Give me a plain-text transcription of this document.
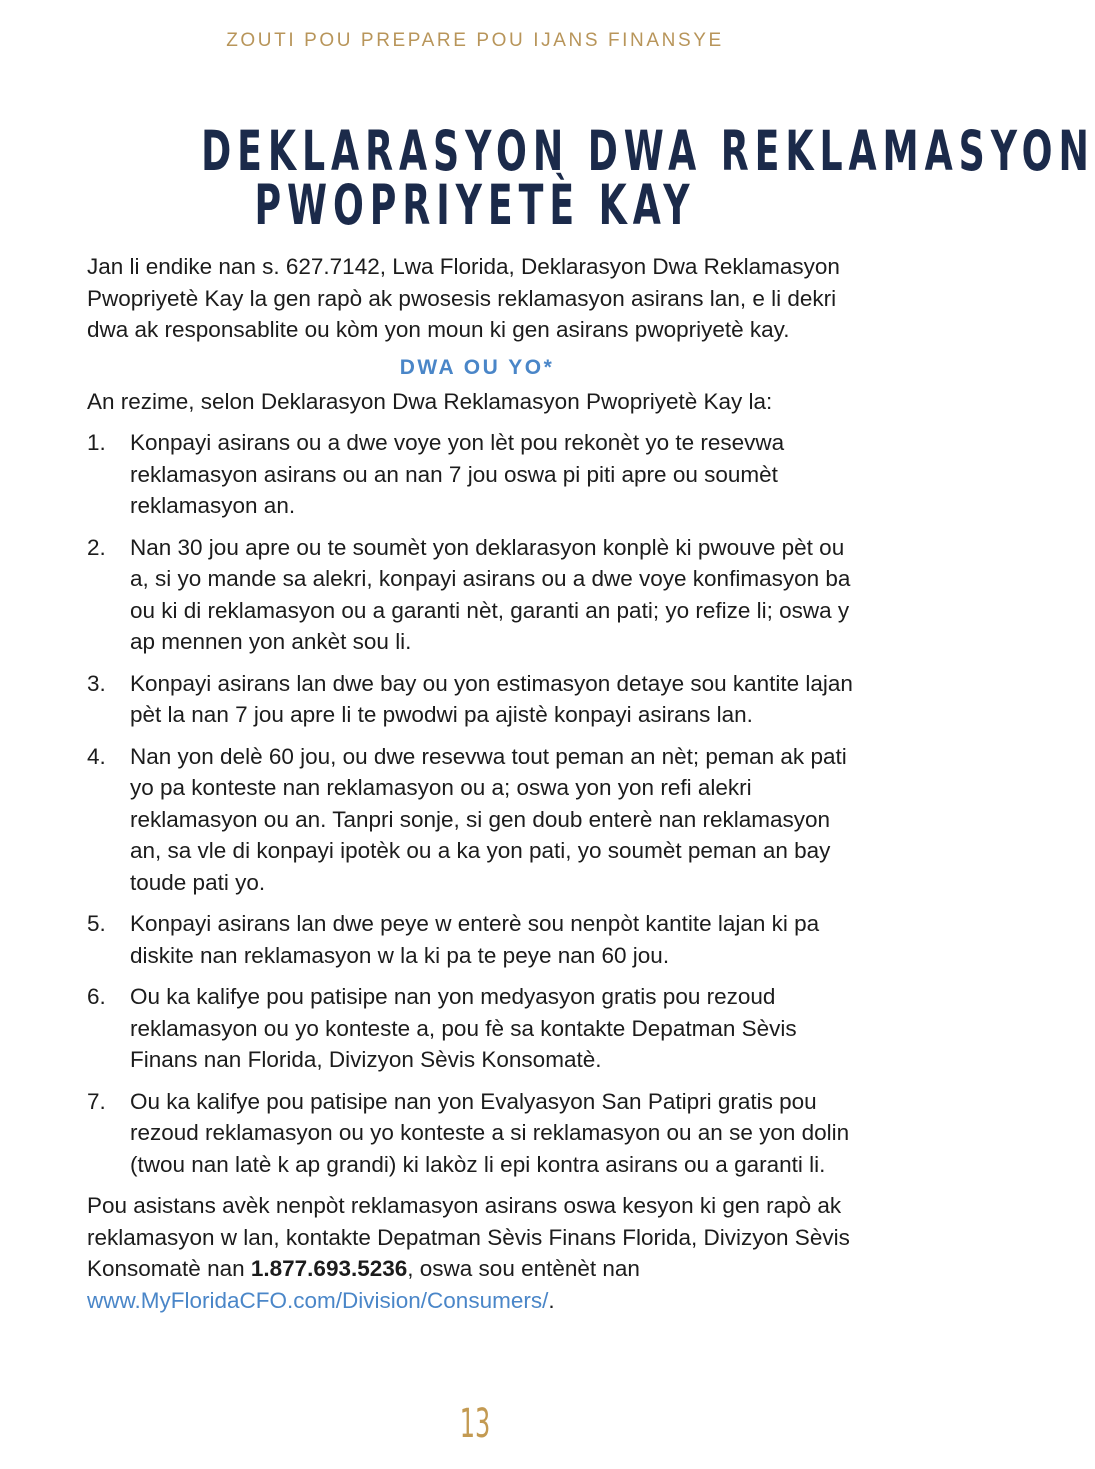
ZOUTI POU PREPARE POU IJANS FINANSYE
DEKLARASYON DWA REKLAMASYON
PWOPRIYETÈ KAY

Jan li endike nan s. 627.7142, Lwa Florida, Deklarasyon Dwa Reklamasyon Pwopriyetè Kay la gen rapò ak pwosesis reklamasyon asirans lan, e li dekri dwa ak responsablite ou kòm yon moun ki gen asirans pwopriyetè kay.

DWA OU YO*

An rezime, selon Deklarasyon Dwa Reklamasyon Pwopriyetè Kay la:

1. Konpayi asirans ou a dwe voye yon lèt pou rekonèt yo te resevwa reklamasyon asirans ou an nan 7 jou oswa pi piti apre ou soumèt reklamasyon an.
2. Nan 30 jou apre ou te soumèt yon deklarasyon konplè ki pwouve pèt ou a, si yo mande sa alekri, konpayi asirans ou a dwe voye konfimasyon ba ou ki di reklamasyon ou a garanti nèt, garanti an pati; yo refize li; oswa y ap mennen yon ankèt sou li.
3. Konpayi asirans lan dwe bay ou yon estimasyon detaye sou kantite lajan pèt la nan 7 jou apre li te pwodwi pa ajistè konpayi asirans lan.
4. Nan yon delè 60 jou, ou dwe resevwa tout peman an nèt; peman ak pati yo pa konteste nan reklamasyon ou a; oswa yon yon refi alekri reklamasyon ou an. Tanpri sonje, si gen doub enterè nan reklamasyon an, sa vle di konpayi ipotèk ou a ka yon pati, yo soumèt peman an bay toude pati yo.
5. Konpayi asirans lan dwe peye w enterè sou nenpòt kantite lajan ki pa diskite nan reklamasyon w la ki pa te peye nan 60 jou.
6. Ou ka kalifye pou patisipe nan yon medyasyon gratis pou rezoud reklamasyon ou yo konteste a, pou fè sa kontakte Depatman Sèvis Finans nan Florida, Divizyon Sèvis Konsomatè.
7. Ou ka kalifye pou patisipe nan yon Evalyasyon San Patipri gratis pou rezoud reklamasyon ou yo konteste a si reklamasyon ou an se yon dolin (twou nan latè k ap grandi) ki lakòz li epi kontra asirans ou a garanti li.

Pou asistans avèk nenpòt reklamasyon asirans oswa kesyon ki gen rapò ak reklamasyon w lan, kontakte Depatman Sèvis Finans Florida, Divizyon Sèvis Konsomatè nan 1.877.693.5236, oswa sou entènèt nan www.MyFloridaCFO.com/Division/Consumers/.

13
